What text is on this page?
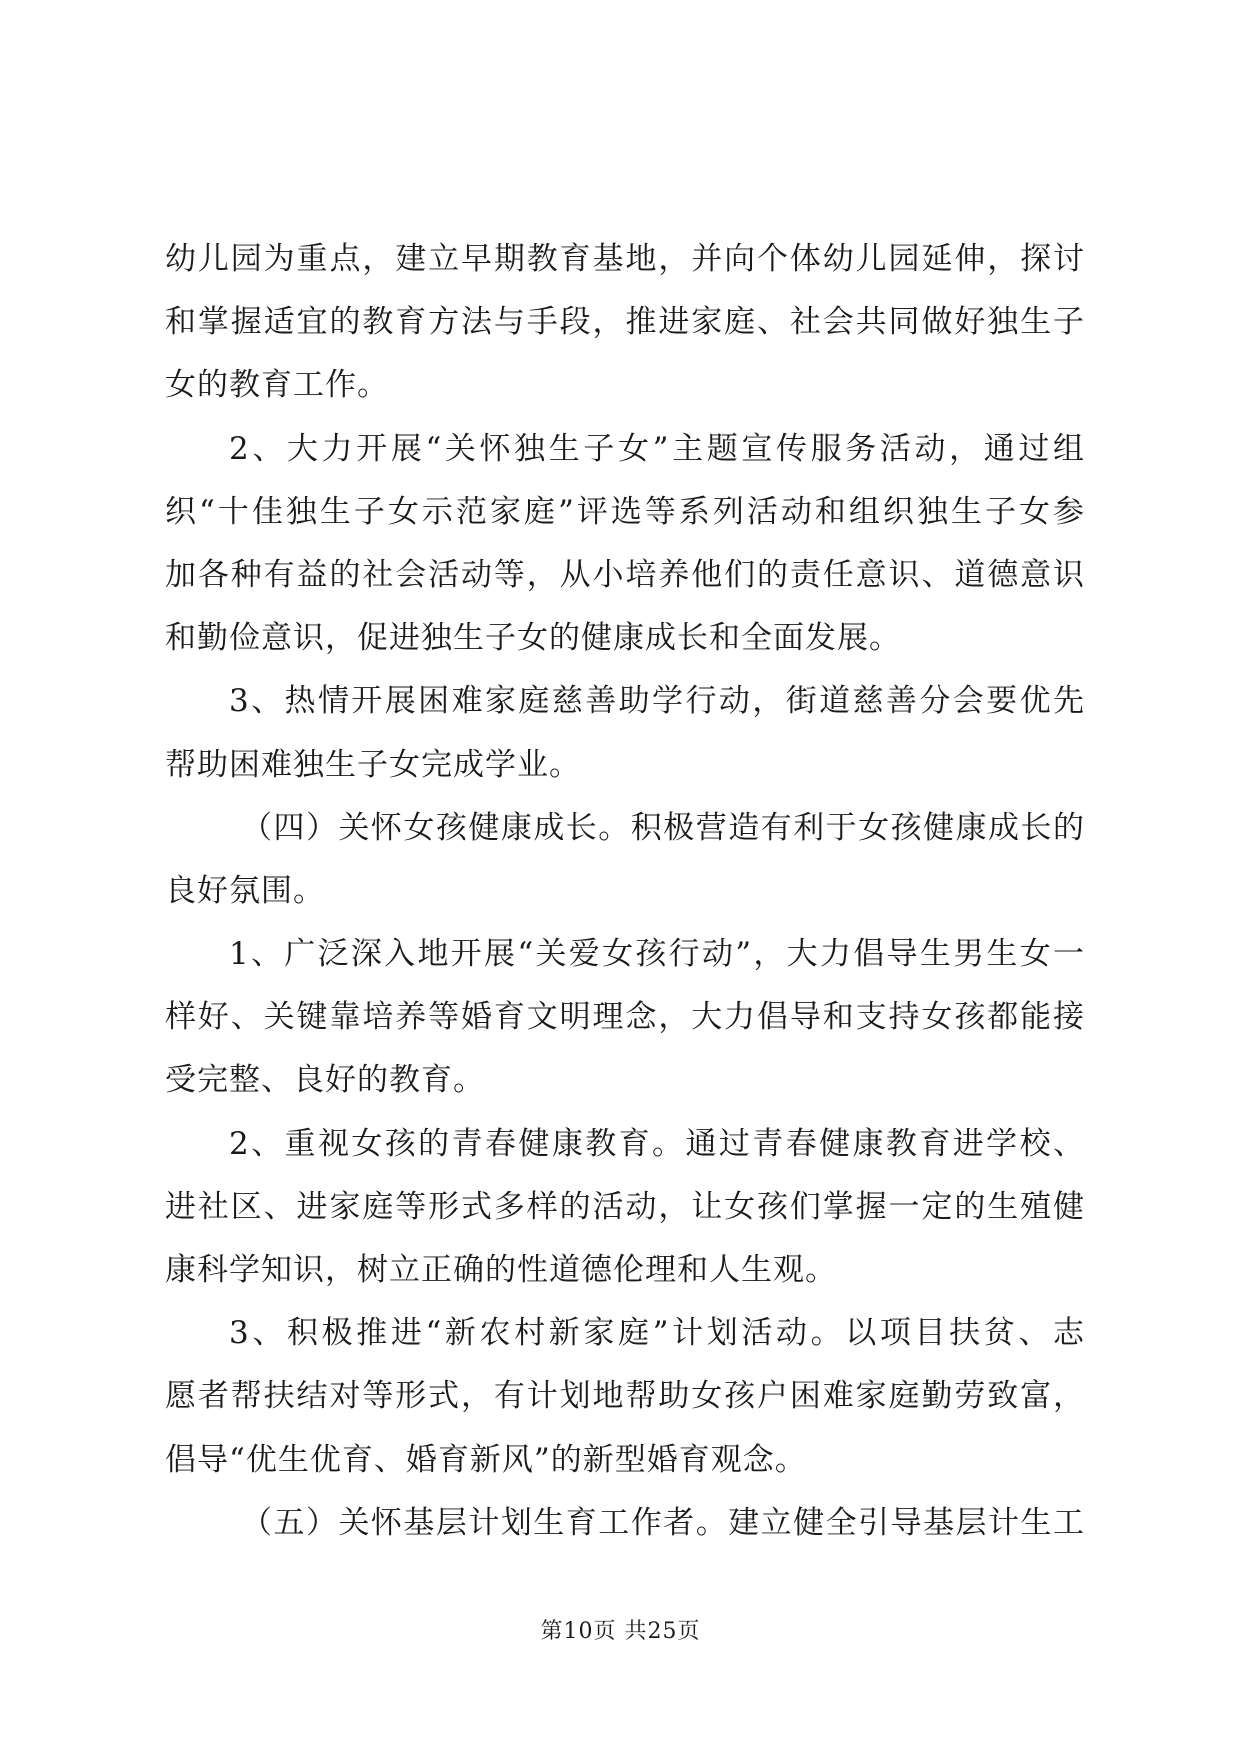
幼儿园为重点，建立早期教育基地，并向个体幼儿园延伸，探讨
和掌握适宜的教育方法与手段，推进家庭、社会共同做好独生子
女的教育工作。
2、大力开展“关怀独生子女”主题宣传服务活动，通过组
织“十佳独生子女示范家庭”评选等系列活动和组织独生子女参
加各种有益的社会活动等，从小培养他们的责任意识、道德意识
和勤俭意识，促进独生子女的健康成长和全面发展。
3、热情开展困难家庭慈善助学行动，街道慈善分会要优先
帮助困难独生子女完成学业。
（四）关怀女孩健康成长。积极营造有利于女孩健康成长的
良好氛围。
1、广泛深入地开展“关爱女孩行动”，大力倡导生男生女一
样好、关键靠培养等婚育文明理念，大力倡导和支持女孩都能接
受完整、良好的教育。
2、重视女孩的青春健康教育。通过青春健康教育进学校、
进社区、进家庭等形式多样的活动，让女孩们掌握一定的生殖健
康科学知识，树立正确的性道德伦理和人生观。
3、积极推进“新农村新家庭”计划活动。以项目扶贫、志
愿者帮扶结对等形式，有计划地帮助女孩户困难家庭勤劳致富，
倡导“优生优育、婚育新风”的新型婚育观念。
（五）关怀基层计划生育工作者。建立健全引导基层计生工
第10页 共25页
